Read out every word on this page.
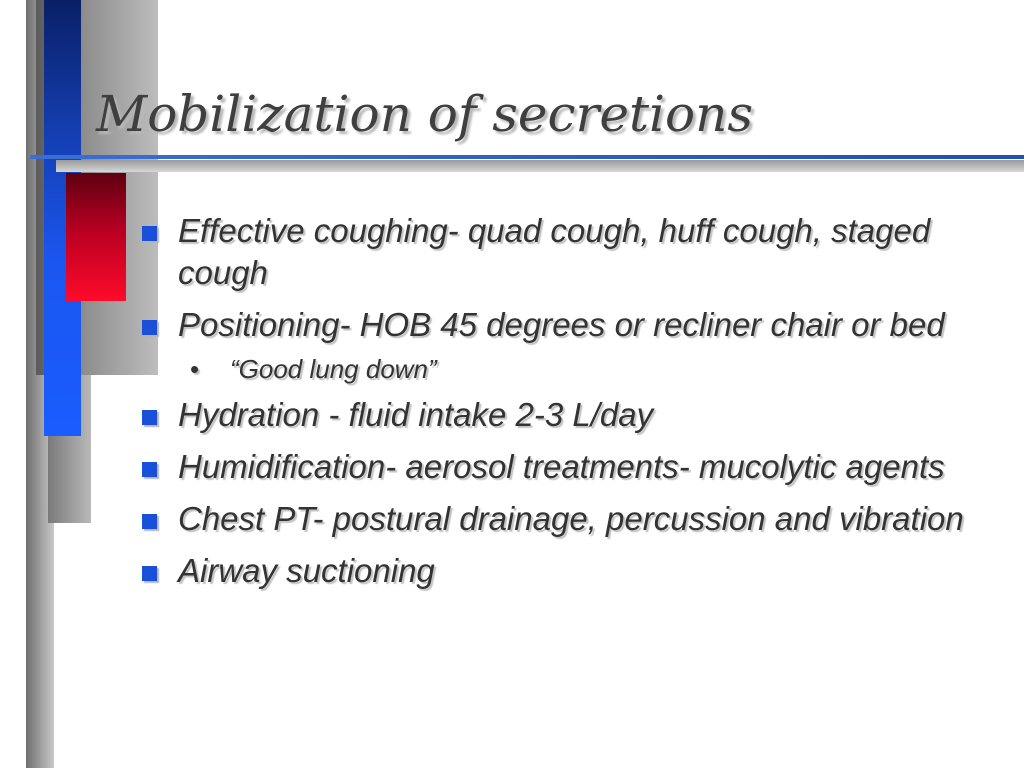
Mobilization of secretions
Effective coughing- quad cough, huff cough, staged cough
Positioning- HOB 45 degrees or recliner chair or bed
• “Good lung down”
Hydration - fluid intake 2-3 L/day
Humidification- aerosol treatments- mucolytic agents
Chest PT- postural drainage, percussion and vibration
Airway suctioning
